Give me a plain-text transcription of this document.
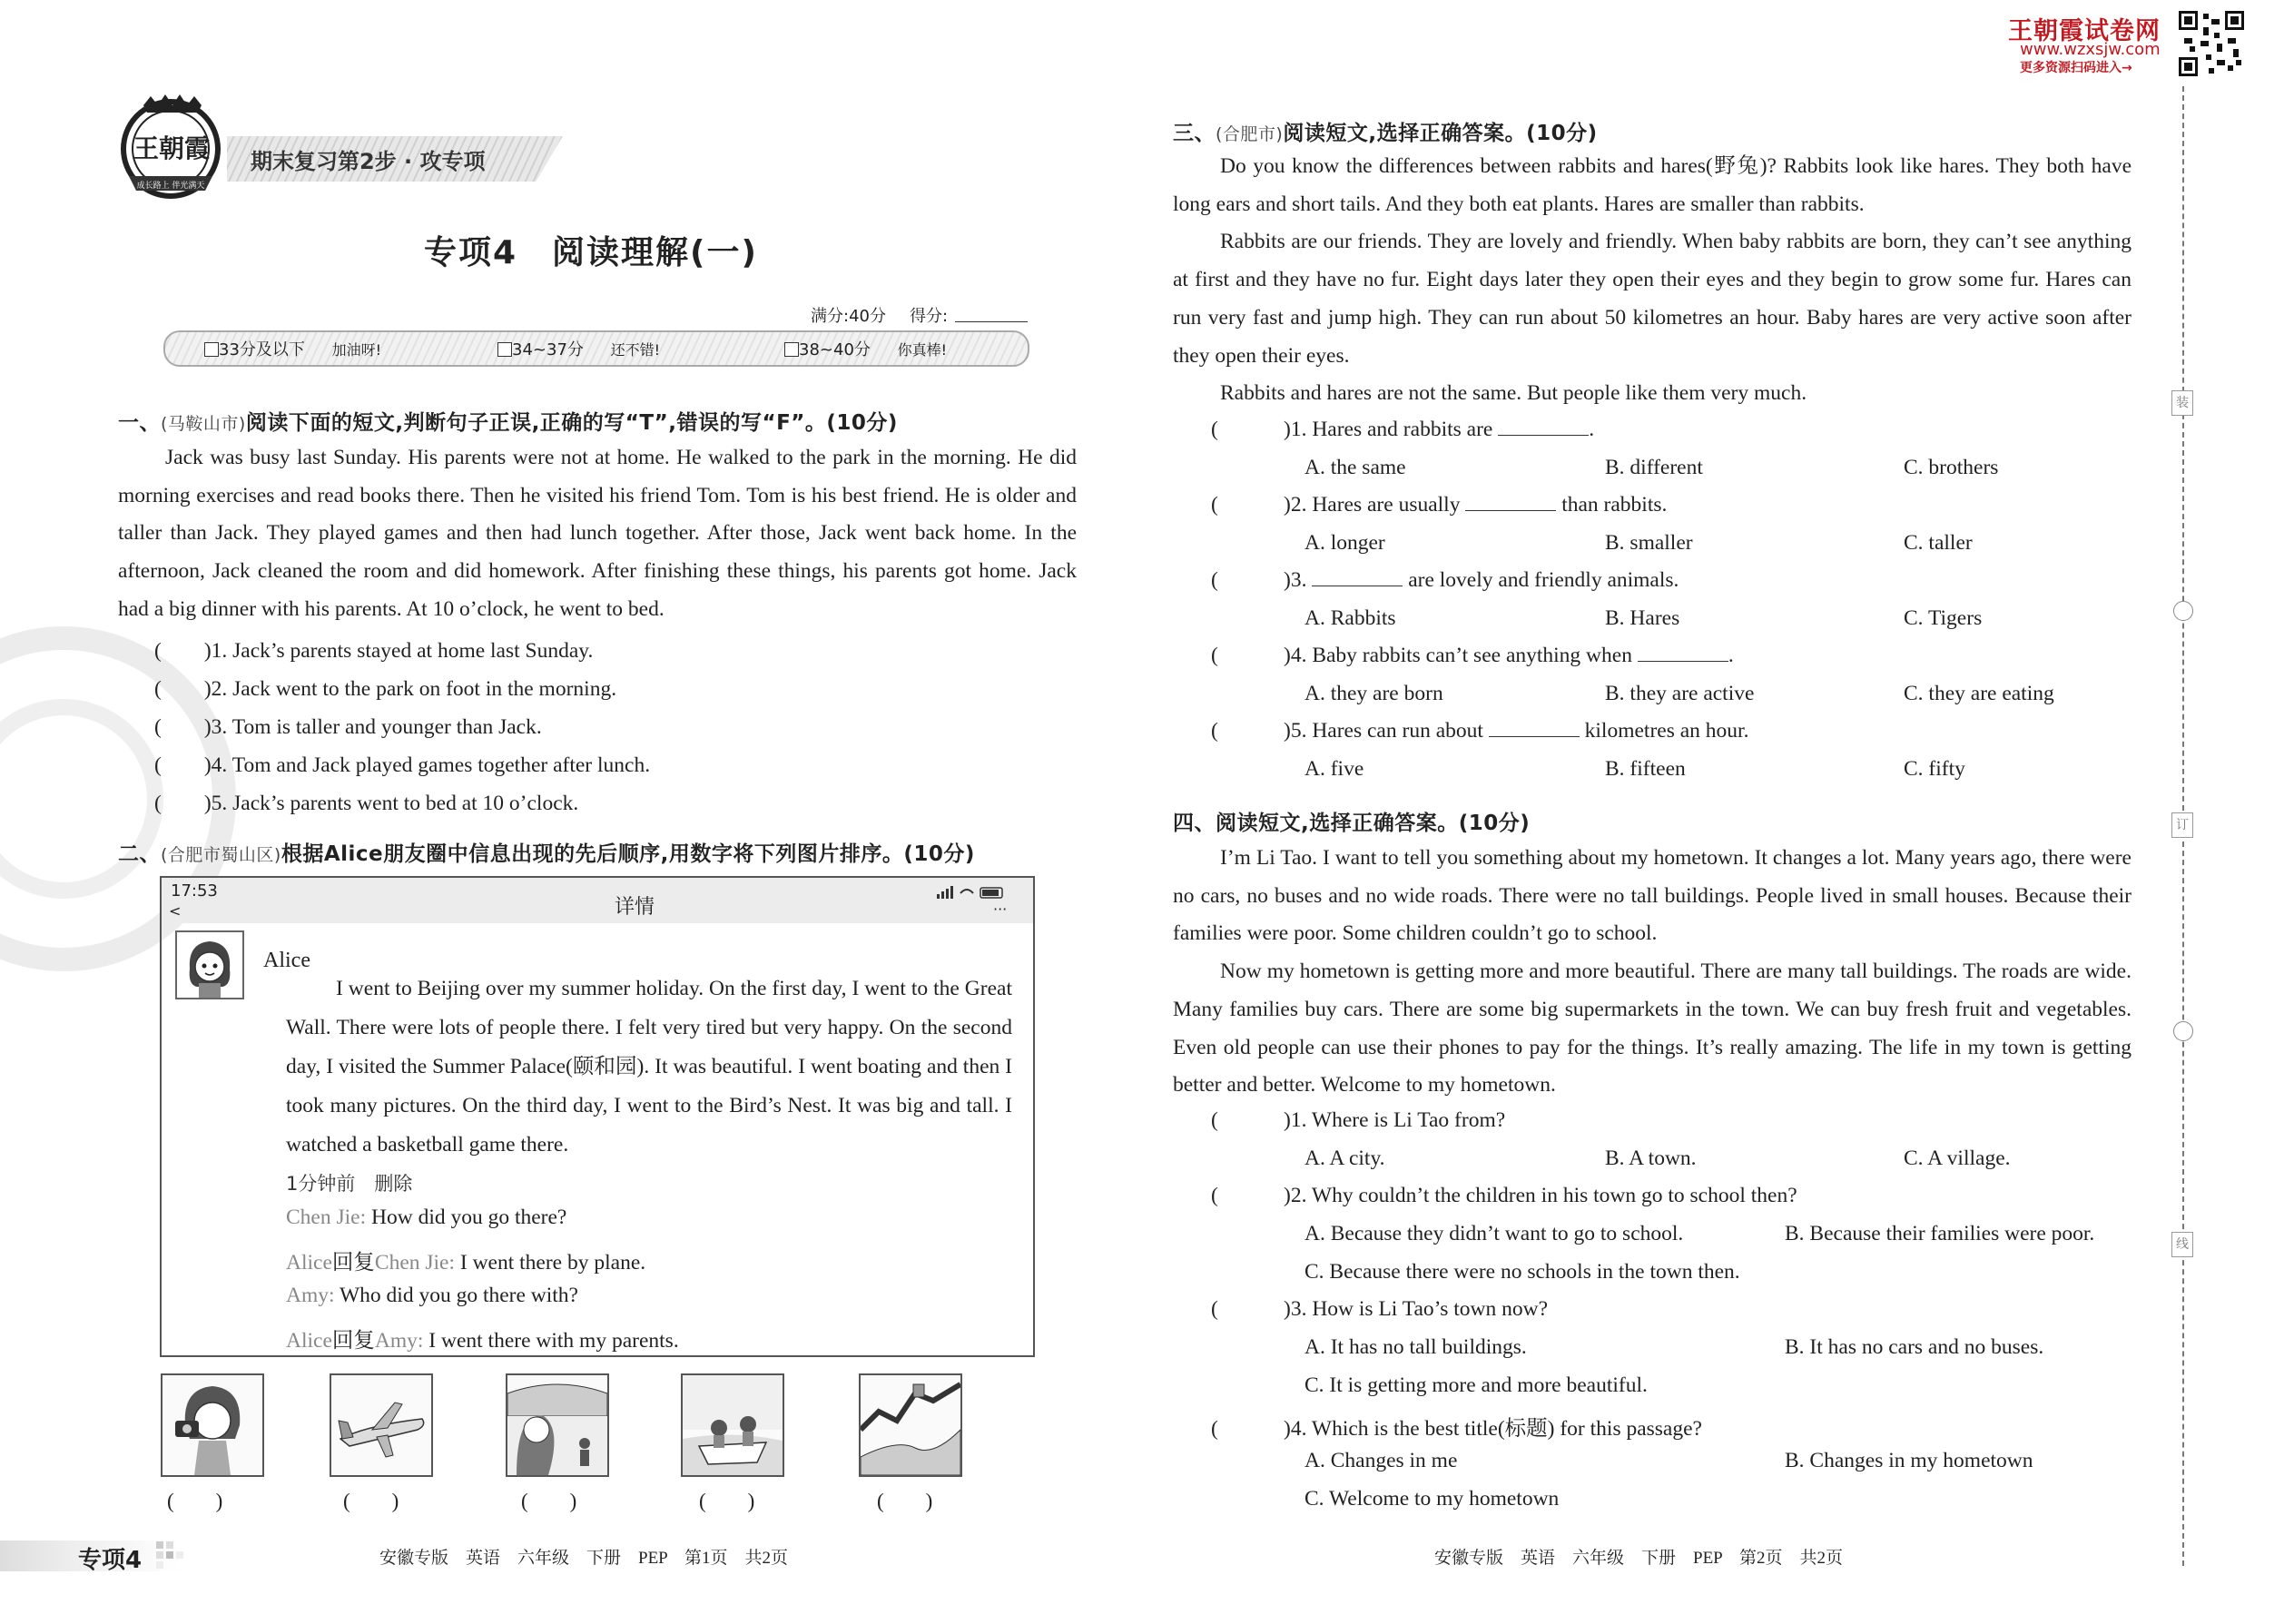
王朝霞
成长路上 伴光满天
期末复习第2步 · 攻专项
专项4　阅读理解(一)
满分:40分 得分:
33分及以下 加油呀!	34~37分 还不错!	38~40分 你真棒!
一、(马鞍山市)阅读下面的短文,判断句子正误,正确的写“T”,错误的写“F”。(10分)

Jack was busy last Sunday. His parents were not at home. He walked to the park in the morning. He did morning exercises and read books there. Then he visited his friend Tom. Tom is his best friend. He is older and taller than Jack. They played games and then had lunch together. After those, Jack went back home. In the afternoon, Jack cleaned the room and did homework. After finishing these things, his parents got home. Jack had a big dinner with his parents. At 10 o’clock, he went to bed.

(　　)1. Jack’s parents stayed at home last Sunday.
(　　)2. Jack went to the park on foot in the morning.
(　　)3. Tom is taller and younger than Jack.
(　　)4. Tom and Jack played games together after lunch.
(　　)5. Jack’s parents went to bed at 10 o’clock.
二、(合肥市蜀山区)根据Alice朋友圈中信息出现的先后顺序,用数字将下列图片排序。(10分)
17:53
<	详情	···
Alice

I went to Beijing over my summer holiday. On the first day, I went to the Great Wall. There were lots of people there. I felt very tired but very happy. On the second day, I visited the Summer Palace(颐和园). It was beautiful. I went boating and then I took many pictures. On the third day, I went to the Bird’s Nest. It was big and tall. I watched a basketball game there.

1分钟前　删除
Chen Jie: How did you go there?
Alice回复Chen Jie: I went there by plane.
Amy: Who did you go there with?
Alice回复Amy: I went there with my parents.
(　　)	(　　)	(　　)	(　　)	(　　)
专项4	安徽专版　英语　六年级　下册　PEP　第1页　共2页
王朝霞试卷网
www.wzxsjw.com
更多资源扫码进入→
装
订
线
三、(合肥市)阅读短文,选择正确答案。(10分)

Do you know the differences between rabbits and hares(野兔)? Rabbits look like hares. They both have long ears and short tails. And they both eat plants. Hares are smaller than rabbits.

Rabbits are our friends. They are lovely and friendly. When baby rabbits are born, they can’t see anything at first and they have no fur. Eight days later they open their eyes and they begin to grow some fur. Hares can run very fast and jump high. They can run about 50 kilometres an hour. Baby hares are very active soon after they open their eyes.

Rabbits and hares are not the same. But people like them very much.

(	)1. Hares and rabbits are	.
A. the same	B. different	C. brothers
(	)2. Hares are usually	than rabbits.
A. longer	B. smaller	C. taller
(	)3.	are lovely and friendly animals.
A. Rabbits	B. Hares	C. Tigers
(	)4. Baby rabbits can’t see anything when	.
A. they are born	B. they are active	C. they are eating
(	)5. Hares can run about	kilometres an hour.
A. five	B. fifteen	C. fifty
四、阅读短文,选择正确答案。(10分)

I’m Li Tao. I want to tell you something about my hometown. It changes a lot. Many years ago, there were no cars, no buses and no wide roads. There were no tall buildings. People lived in small houses. Because their families were poor. Some children couldn’t go to school.

Now my hometown is getting more and more beautiful. There are many tall buildings. The roads are wide. Many families buy cars. There are some big supermarkets in the town. We can buy fresh fruit and vegetables. Even old people can use their phones to pay for the things. It’s really amazing. The life in my town is getting better and better. Welcome to my hometown.

(	)1. Where is Li Tao from?
A. A city.	B. A town.	C. A village.
(	)2. Why couldn’t the children in his town go to school then?
A. Because they didn’t want to go to school.	B. Because their families were poor.
C. Because there were no schools in the town then.
(	)3. How is Li Tao’s town now?
A. It has no tall buildings.	B. It has no cars and no buses.
C. It is getting more and more beautiful.
(	)4. Which is the best title(标题) for this passage?
A. Changes in me	B. Changes in my hometown
C. Welcome to my hometown
安徽专版　英语　六年级　下册　PEP　第2页　共2页
